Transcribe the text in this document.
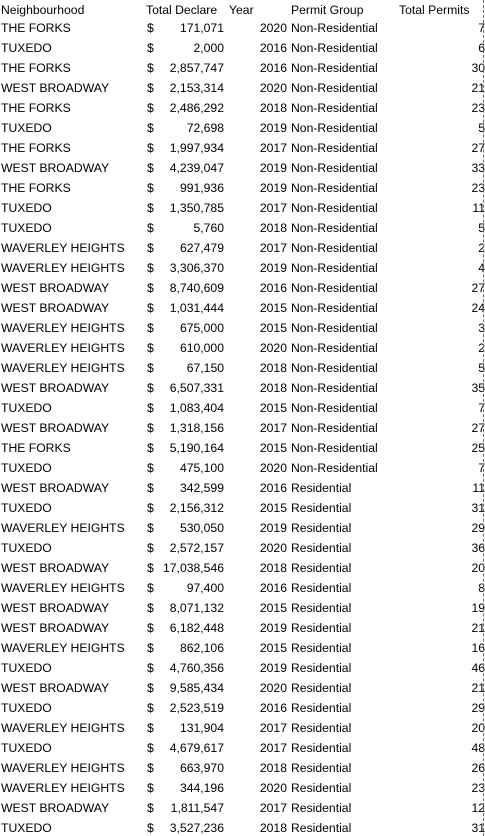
Neighbourhood	Total Declare Year	Permit Group	Total Permits
THE FORKS	$	171,071	2020 Non-Residential	7
TUXEDO	$	2,000	2016 Non-Residential	6
THE FORKS	$	2,857,747	2016 Non-Residential	30
WEST BROADWAY	$	2,153,314	2020 Non-Residential	21
THE FORKS	$	2,486,292	2018 Non-Residential	23
TUXEDO	$	72,698	2019 Non-Residential	5
THE FORKS	$	1,997,934	2017 Non-Residential	27
WEST BROADWAY	$	4,239,047	2019 Non-Residential	33
THE FORKS	$	991,936	2019 Non-Residential	23
TUXEDO	$	1,350,785	2017 Non-Residential	11
TUXEDO	$	5,760	2018 Non-Residential	5
WAVERLEY HEIGHTS	$	627,479	2017 Non-Residential	2
WAVERLEY HEIGHTS	$	3,306,370	2019 Non-Residential	4
WEST BROADWAY	$	8,740,609	2016 Non-Residential	27
WEST BROADWAY	$	1,031,444	2015 Non-Residential	24
WAVERLEY HEIGHTS	$	675,000	2015 Non-Residential	3
WAVERLEY HEIGHTS	$	610,000	2020 Non-Residential	2
WAVERLEY HEIGHTS	$	67,150	2018 Non-Residential	5
WEST BROADWAY	$	6,507,331	2018 Non-Residential	35
TUXEDO	$	1,083,404	2015 Non-Residential	7
WEST BROADWAY	$	1,318,156	2017 Non-Residential	27
THE FORKS	$	5,190,164	2015 Non-Residential	25
TUXEDO	$	475,100	2020 Non-Residential	7
WEST BROADWAY	$	342,599	2016 Residential	11
TUXEDO	$	2,156,312	2015 Residential	31
WAVERLEY HEIGHTS	$	530,050	2019 Residential	29
TUXEDO	$	2,572,157	2020 Residential	36
WEST BROADWAY	$ 17,038,546	2018 Residential	20
WAVERLEY HEIGHTS	$	97,400	2016 Residential	8
WEST BROADWAY	$	8,071,132	2015 Residential	19
WEST BROADWAY	$	6,182,448	2019 Residential	21
WAVERLEY HEIGHTS	$	862,106	2015 Residential	16
TUXEDO	$	4,760,356	2019 Residential	46
WEST BROADWAY	$	9,585,434	2020 Residential	21
TUXEDO	$	2,523,519	2016 Residential	29
WAVERLEY HEIGHTS	$	131,904	2017 Residential	20
TUXEDO	$	4,679,617	2017 Residential	48
WAVERLEY HEIGHTS	$	663,970	2018 Residential	26
WAVERLEY HEIGHTS	$	344,196	2020 Residential	23
WEST BROADWAY	$	1,811,547	2017 Residential	12
TUXEDO	$	3,527,236	2018 Residential	31
